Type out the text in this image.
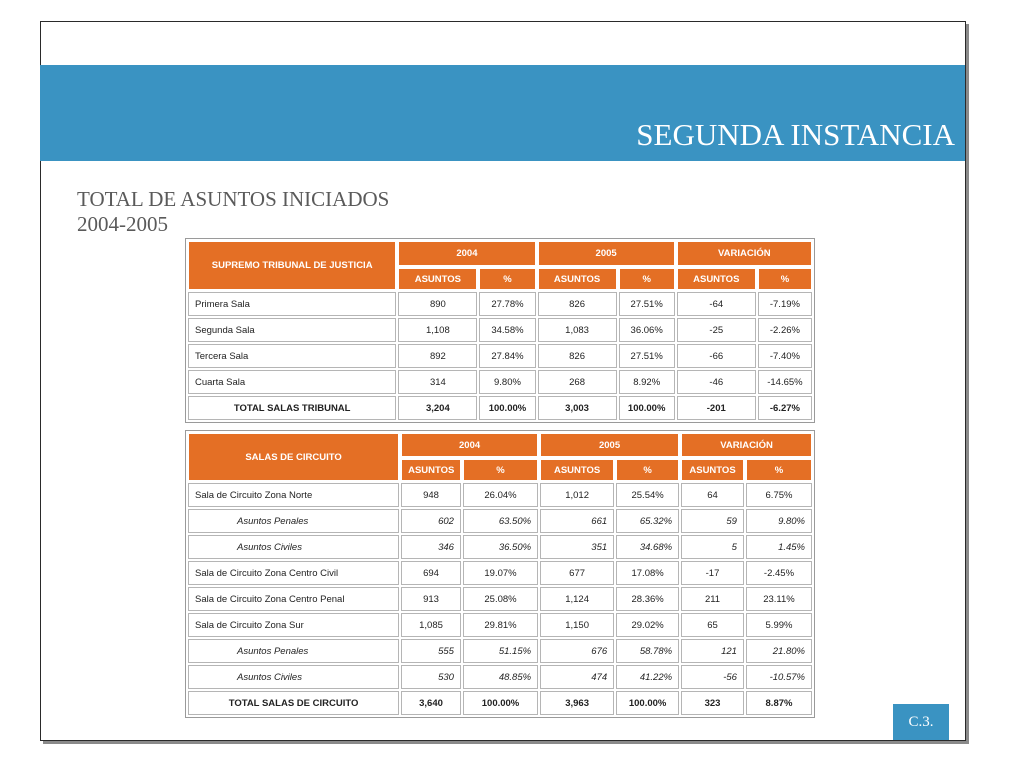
SEGUNDA INSTANCIA
TOTAL DE ASUNTOS INICIADOS
2004-2005
SUPREMO TRIBUNAL DE JUSTICIA	2004		2005		VARIACIÓN	
	ASUNTOS	%	ASUNTOS	%	ASUNTOS	%
Primera Sala	890	27.78%	826	27.51%	-64	-7.19%
Segunda Sala	1,108	34.58%	1,083	36.06%	-25	-2.26%
Tercera Sala	892	27.84%	826	27.51%	-66	-7.40%
Cuarta Sala	314	9.80%	268	8.92%	-46	-14.65%
TOTAL SALAS TRIBUNAL	3,204	100.00%	3,003	100.00%	-201	-6.27%
SALAS DE CIRCUITO	2004		2005		VARIACIÓN	
	ASUNTOS	%	ASUNTOS	%	ASUNTOS	%
Sala de Circuito Zona Norte	948	26.04%	1,012	25.54%	64	6.75%
Asuntos Penales	602	63.50%	661	65.32%	59	9.80%
Asuntos Civiles	346	36.50%	351	34.68%	5	1.45%
Sala de Circuito Zona Centro Civil	694	19.07%	677	17.08%	-17	-2.45%
Sala de Circuito Zona Centro Penal	913	25.08%	1,124	28.36%	211	23.11%
Sala de Circuito Zona Sur	1,085	29.81%	1,150	29.02%	65	5.99%
Asuntos Penales	555	51.15%	676	58.78%	121	21.80%
Asuntos Civiles	530	48.85%	474	41.22%	-56	-10.57%
TOTAL SALAS DE CIRCUITO	3,640	100.00%	3,963	100.00%	323	8.87%
C.3.
